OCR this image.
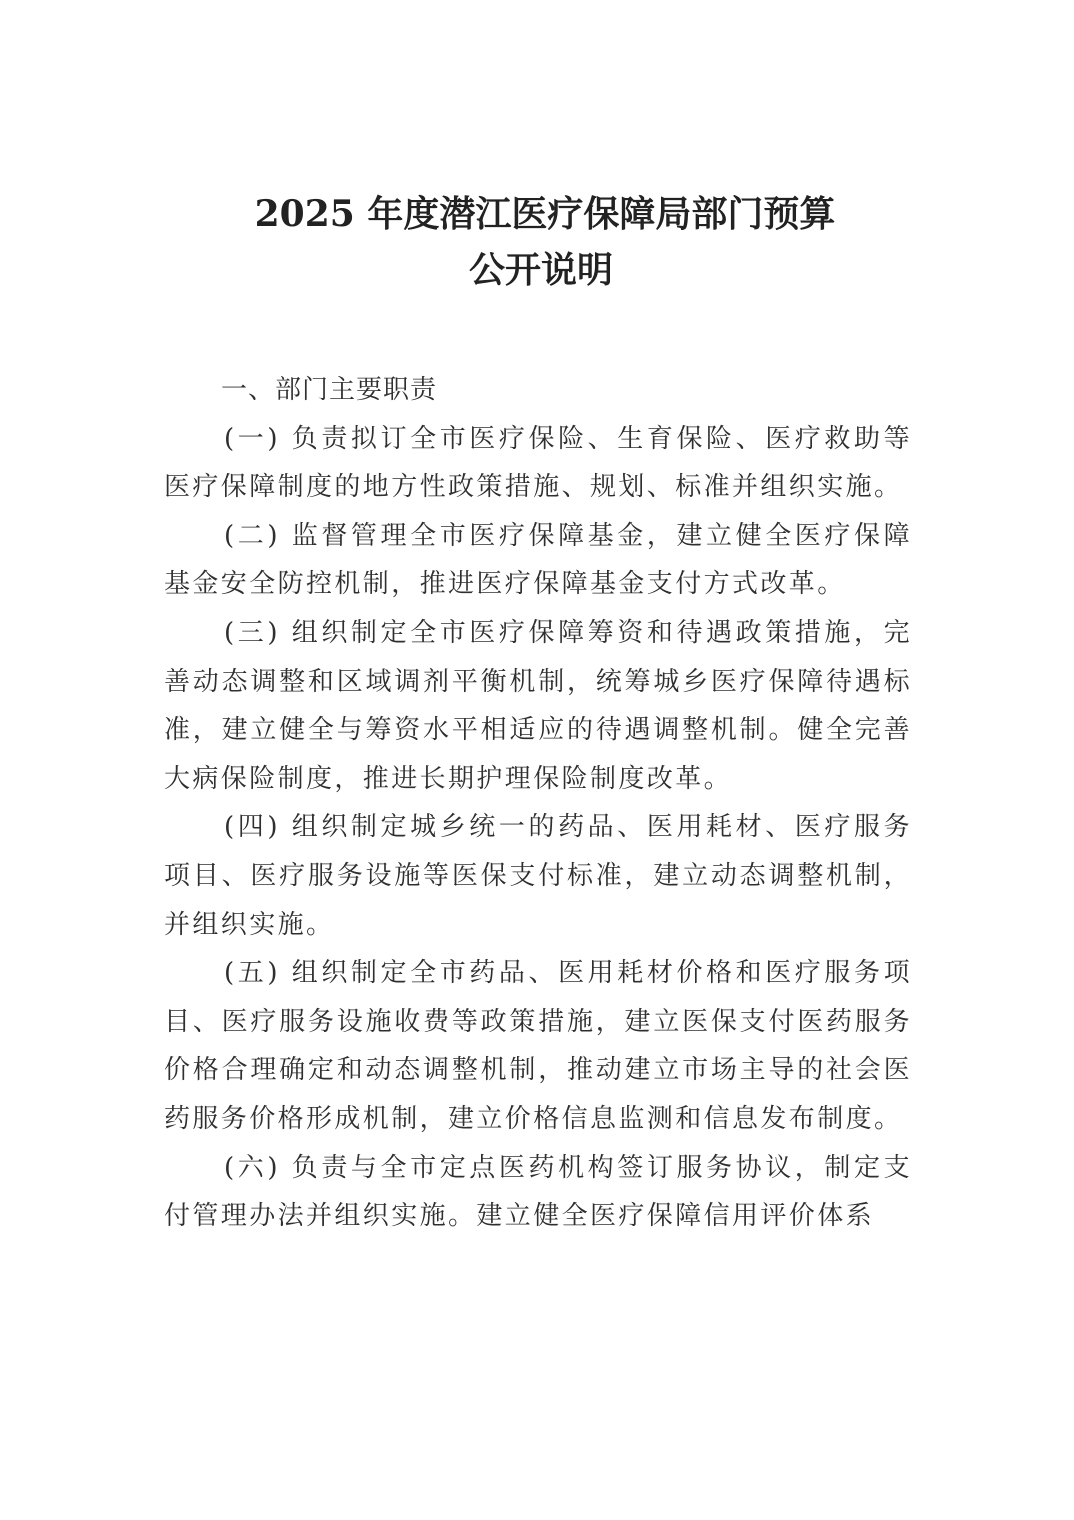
2025 年度潜江医疗保障局部门预算
公开说明

一、部门主要职责

(一) 负责拟订全市医疗保险、生育保险、医疗救助等医疗保障制度的地方性政策措施、规划、标准并组织实施。

(二) 监督管理全市医疗保障基金，建立健全医疗保障基金安全防控机制，推进医疗保障基金支付方式改革。

(三) 组织制定全市医疗保障筹资和待遇政策措施，完善动态调整和区域调剂平衡机制，统筹城乡医疗保障待遇标准，建立健全与筹资水平相适应的待遇调整机制。健全完善大病保险制度，推进长期护理保险制度改革。

(四) 组织制定城乡统一的药品、医用耗材、医疗服务项目、医疗服务设施等医保支付标准，建立动态调整机制，并组织实施。

(五) 组织制定全市药品、医用耗材价格和医疗服务项目、医疗服务设施收费等政策措施，建立医保支付医药服务价格合理确定和动态调整机制，推动建立市场主导的社会医药服务价格形成机制，建立价格信息监测和信息发布制度。

(六) 负责与全市定点医药机构签订服务协议，制定支付管理办法并组织实施。建立健全医疗保障信用评价体系
